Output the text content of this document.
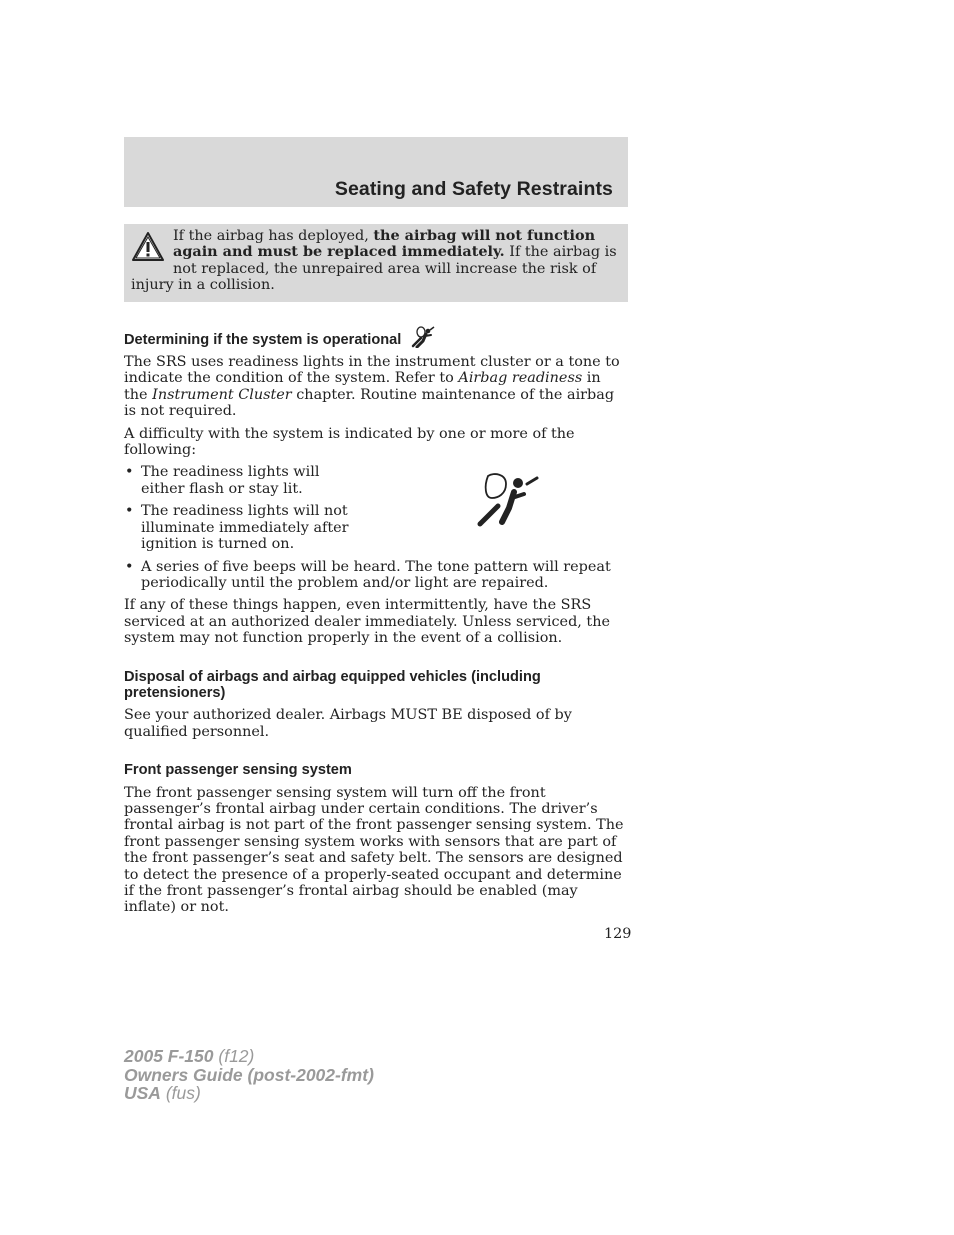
Seating and Safety Restraints
If the airbag has deployed, the airbag will not function again and must be replaced immediately. If the airbag is not replaced, the unrepaired area will increase the risk of injury in a collision.
Determining if the system is operational

The SRS uses readiness lights in the instrument cluster or a tone to indicate the condition of the system. Refer to Airbag readiness in the Instrument Cluster chapter. Routine maintenance of the airbag is not required.

A difficulty with the system is indicated by one or more of the following:

• The readiness lights will either flash or stay lit.
• The readiness lights will not illuminate immediately after ignition is turned on.
• A series of five beeps will be heard. The tone pattern will repeat periodically until the problem and/or light are repaired.

If any of these things happen, even intermittently, have the SRS serviced at an authorized dealer immediately. Unless serviced, the system may not function properly in the event of a collision.

Disposal of airbags and airbag equipped vehicles (including pretensioners)

See your authorized dealer. Airbags MUST BE disposed of by qualified personnel.

Front passenger sensing system

The front passenger sensing system will turn off the front passenger’s frontal airbag under certain conditions. The driver’s frontal airbag is not part of the front passenger sensing system. The front passenger sensing system works with sensors that are part of the front passenger’s seat and safety belt. The sensors are designed to detect the presence of a properly-seated occupant and determine if the front passenger’s frontal airbag should be enabled (may inflate) or not.

129
2005 F-150 (f12)
Owners Guide (post-2002-fmt)
USA (fus)
